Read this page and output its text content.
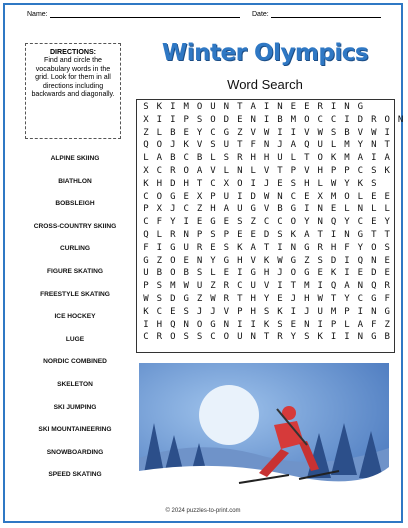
Name:	Date:
DIRECTIONS:
Find and circle the vocabulary words in the grid. Look for them in all directions including backwards and diagonally.
Winter Olympics
Word Search
S K I M O U N T A I N E E R I N G
X I I P S O D E N I B M O C C I D R O N
Z L B E Y C G Z V W I I V W S B V W I
Q O J K V S U T F N J A Q U L M Y N T
L A B C B L S R H H U L T O K M A I A
X C R O A V L N L V T P V H P P C S K
K H D H T C X O I J E S H L W Y K S
C O G E X P U I D W N C E X M O L E E
P X J C Z H A U G V B G I N E L N L L
C F Y I E G E S Z C C O Y N Q Y C E Y
Q L R N P S P E E D S K A T I N G T T
F I G U R E S K A T I N G R H F Y O S
G Z O E N Y G H V K W G Z S D I Q N E
U B O B S L E I G H J O G E K I E D E
P S M W U Z R C U V I T M I Q A N Q R
W S D G Z W R T H Y E J H W T Y C G F
K C E S J J V P H S K I J U M P I N G
I H Q N O G N I I K S E N I P L A F Z
C R O S S C O U N T R Y S K I I N G B
ALPINE SKIING
BIATHLON
BOBSLEIGH
CROSS-COUNTRY SKIING
CURLING
FIGURE SKATING
FREESTYLE SKATING
ICE HOCKEY
LUGE
NORDIC COMBINED
SKELETON
SKI JUMPING
SKI MOUNTAINEERING
SNOWBOARDING
SPEED SKATING
© 2024 puzzles-to-print.com
